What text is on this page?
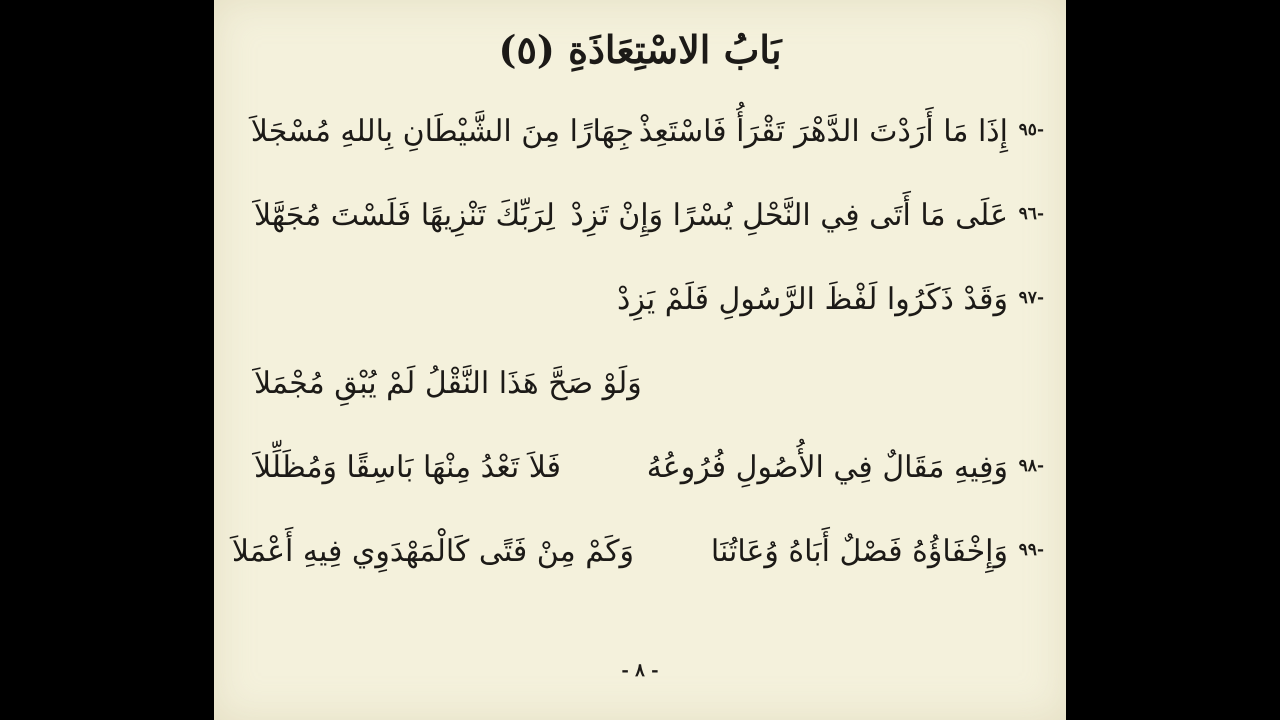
بَابُ الاسْتِعَاذَةِ (٥)
-٩٥
إِذَا مَا أَرَدْتَ الدَّهْرَ تَقْرَأُ فَاسْتَعِذْ
جِهَارًا مِنَ الشَّيْطَانِ بِاللهِ مُسْجَلاَ
-٩٦
عَلَى مَا أَتَى فِي النَّحْلِ يُسْرًا وَإِنْ تَزِدْ
لِرَبِّكَ تَنْزِيهًا فَلَسْتَ مُجَهَّلاَ
-٩٧
وَقَدْ ذَكَرُوا لَفْظَ الرَّسُولِ فَلَمْ يَزِدْ
وَلَوْ صَحَّ هَذَا النَّقْلُ لَمْ يُبْقِ مُجْمَلاَ
-٩٨
وَفِيهِ مَقَالٌ فِي الأُصُولِ فُرُوعُهُ
فَلاَ تَعْدُ مِنْهَا بَاسِقًا وَمُظَلِّلاَ
-٩٩
وَإِخْفَاؤُهُ فَصْلٌ أَبَاهُ وُعَاتُنَا
وَكَمْ مِنْ فَتًى كَالْمَهْدَوِي فِيهِ أَعْمَلاَ
- ٨ -
